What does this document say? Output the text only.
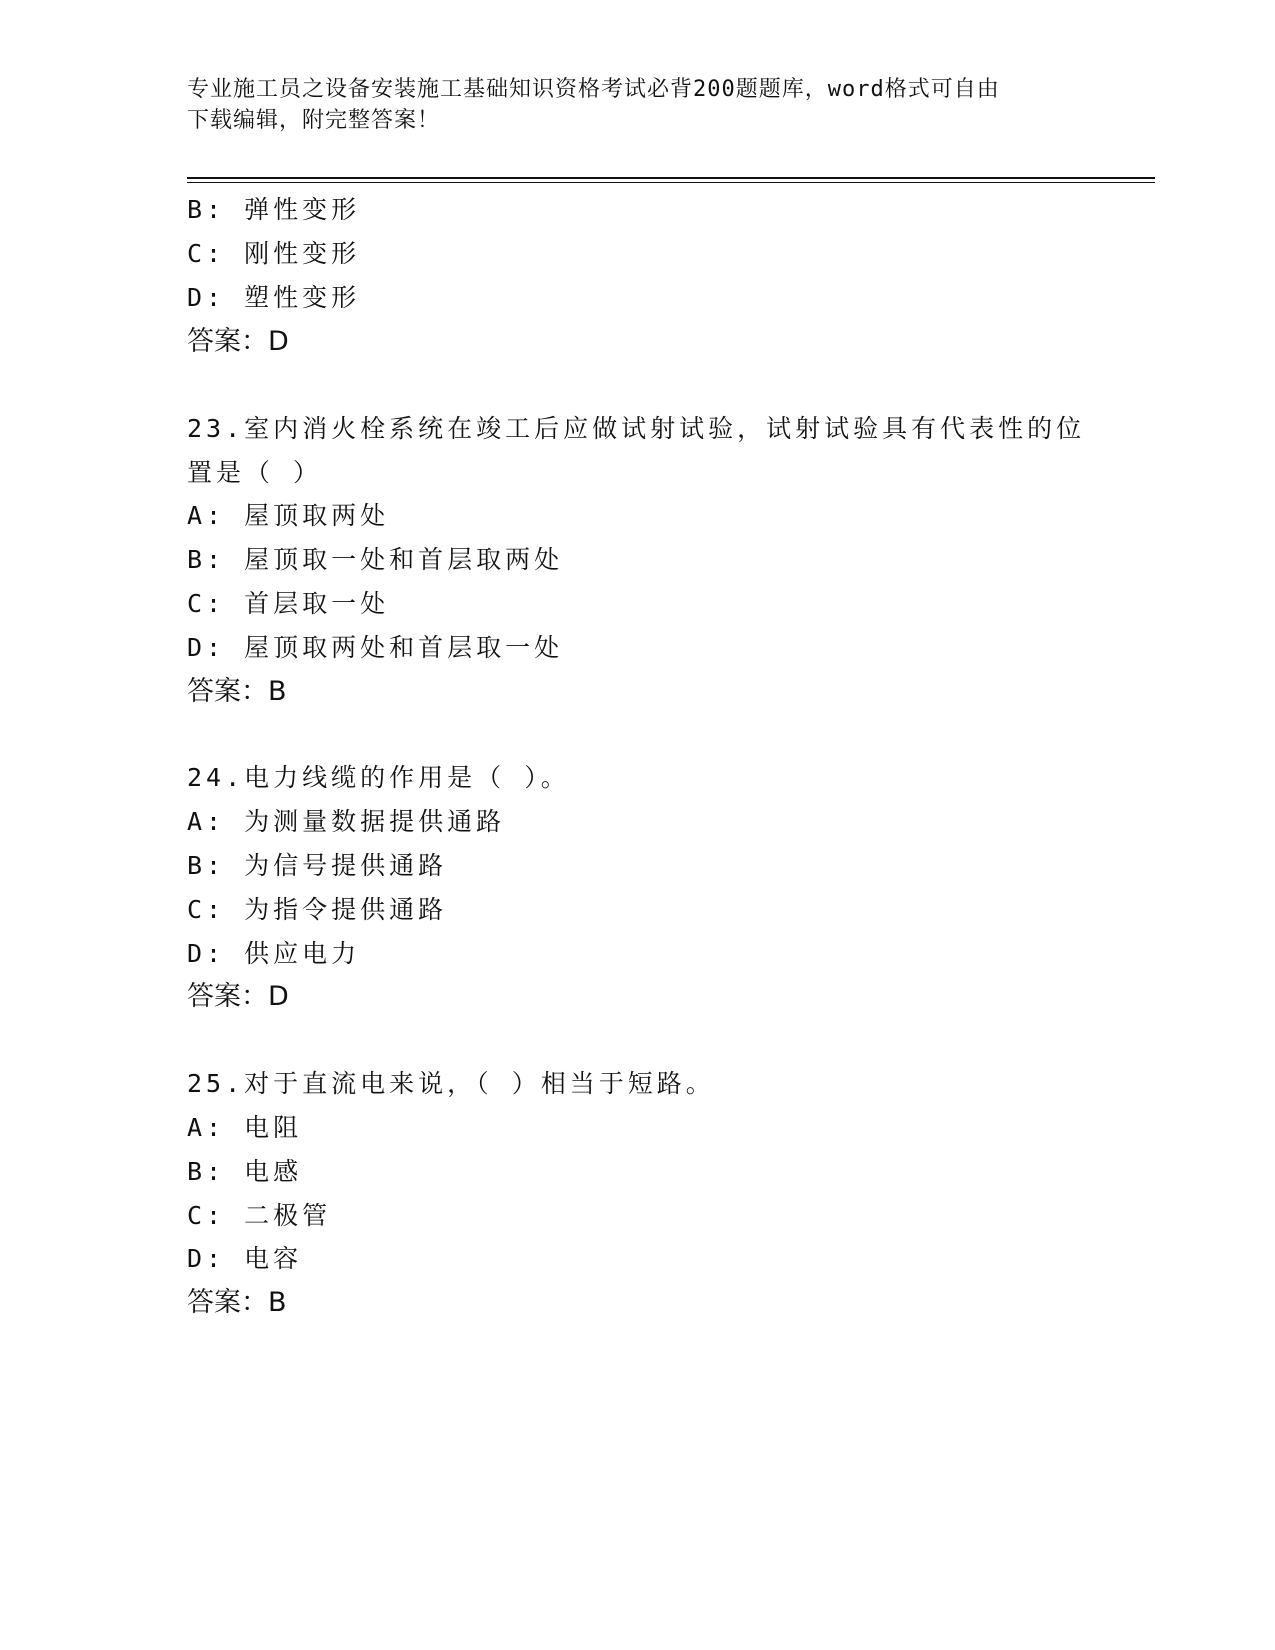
专业施工员之设备安装施工基础知识资格考试必背200题题库，word格式可自由
下载编辑，附完整答案！
B: 弹性变形
C: 刚性变形
D: 塑性变形
答案：D
23.室内消火栓系统在竣工后应做试射试验，试射试验具有代表性的位
置是（ ）
A: 屋顶取两处
B: 屋顶取一处和首层取两处
C: 首层取一处
D: 屋顶取两处和首层取一处
答案：B
24.电力线缆的作用是（ ）。
A: 为测量数据提供通路
B: 为信号提供通路
C: 为指令提供通路
D: 供应电力
答案：D
25.对于直流电来说，（ ）相当于短路。
A: 电阻
B: 电感
C: 二极管
D: 电容
答案：B
